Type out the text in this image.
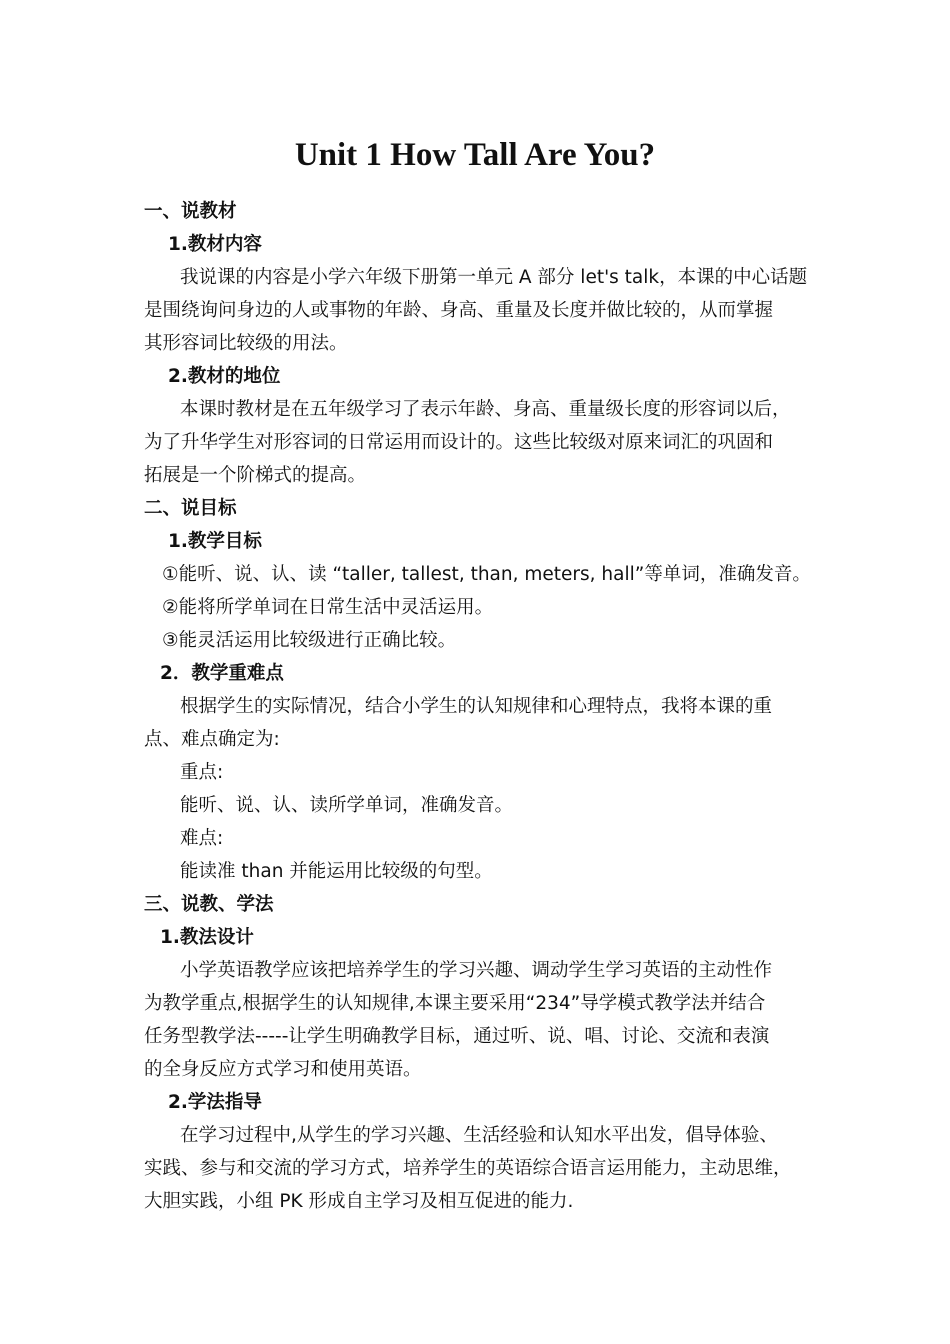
Unit 1 How Tall Are You?
一、说教材
1.教材内容
我说课的内容是小学六年级下册第一单元 A 部分 let's talk，本课的中心话题
是围绕询问身边的人或事物的年龄、身高、重量及长度并做比较的，从而掌握
其形容词比较级的用法。
2.教材的地位
本课时教材是在五年级学习了表示年龄、身高、重量级长度的形容词以后，
为了升华学生对形容词的日常运用而设计的。这些比较级对原来词汇的巩固和
拓展是一个阶梯式的提高。
二、说目标
1.教学目标
①能听、说、认、读 “taller, tallest, than, meters, hall”等单词，准确发音。
②能将所学单词在日常生活中灵活运用。
③能灵活运用比较级进行正确比较。
2．教学重难点
根据学生的实际情况，结合小学生的认知规律和心理特点，我将本课的重
点、难点确定为:
重点:
能听、说、认、读所学单词，准确发音。
难点:
能读准 than 并能运用比较级的句型。
三、说教、学法
1.教法设计
小学英语教学应该把培养学生的学习兴趣、调动学生学习英语的主动性作
为教学重点,根据学生的认知规律,本课主要采用“234”导学模式教学法并结合
任务型教学法-----让学生明确教学目标，通过听、说、唱、讨论、交流和表演
的全身反应方式学习和使用英语。
2.学法指导
在学习过程中,从学生的学习兴趣、生活经验和认知水平出发，倡导体验、
实践、参与和交流的学习方式，培养学生的英语综合语言运用能力，主动思维，
大胆实践，小组 PK 形成自主学习及相互促进的能力.
